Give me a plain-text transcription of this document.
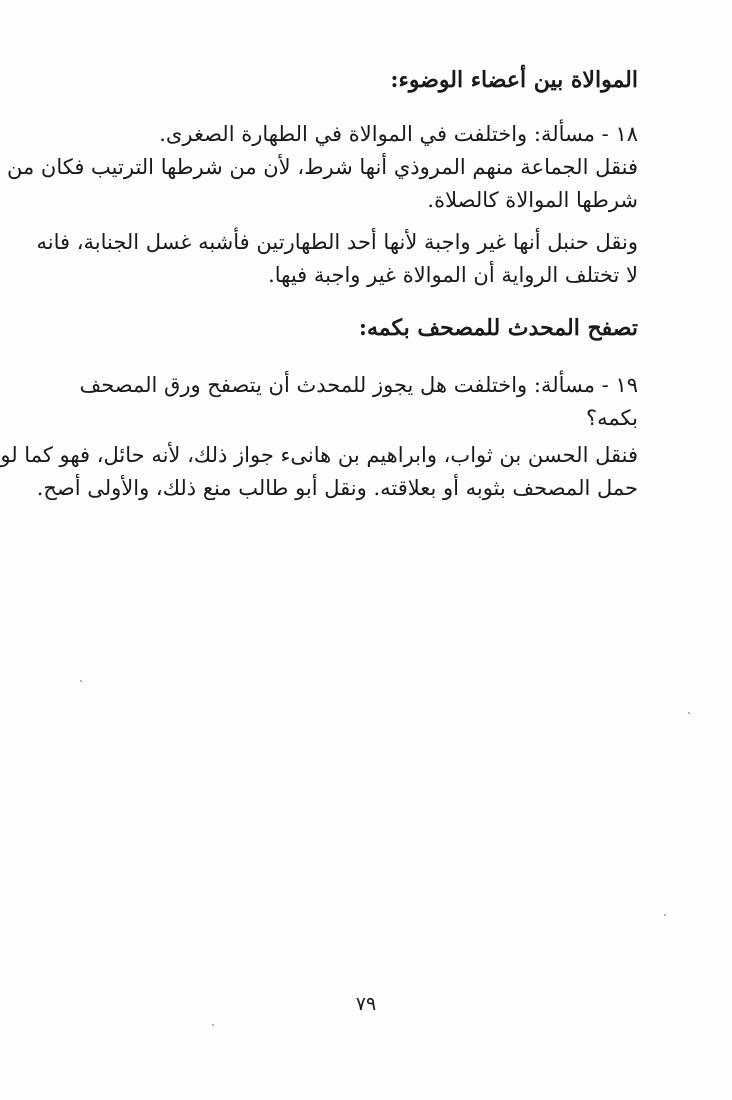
الموالاة بين أعضاء الوضوء:
١٨ - مسألة: واختلفت في الموالاة في الطهارة الصغرى.
فنقل الجماعة منهم المروذي أنها شرط، لأن من شرطها الترتيب فكان من
شرطها الموالاة كالصلاة.
ونقل حنبل أنها غير واجبة لأنها أحد الطهارتين فأشبه غسل الجنابة، فانه
لا تختلف الرواية أن الموالاة غير واجبة فيها.
تصفح المحدث للمصحف بكمه:
١٩ - مسألة: واختلفت هل يجوز للمحدث أن يتصفح ورق المصحف
بكمه؟
فنقل الحسن بن ثواب، وابراهيم بن هانىء جواز ذلك، لأنه حائل، فهو كما لو
حمل المصحف بثوبه أو بعلاقته. ونقل أبو طالب منع ذلك، والأولى أصح.
٧٩
